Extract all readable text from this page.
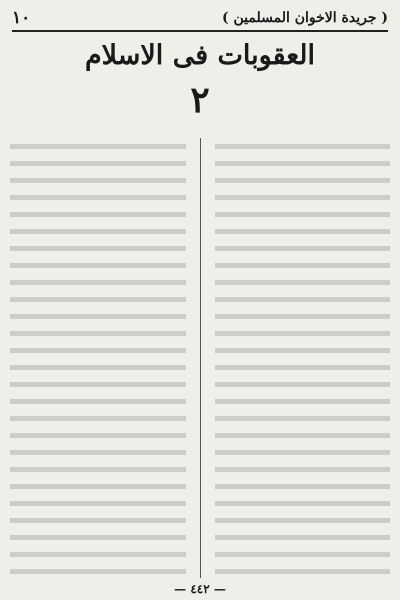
( جريدة الاخوان المسلمين )
١٠
العقوبات فى الاسلام
٢
— ٤٤٢ —
